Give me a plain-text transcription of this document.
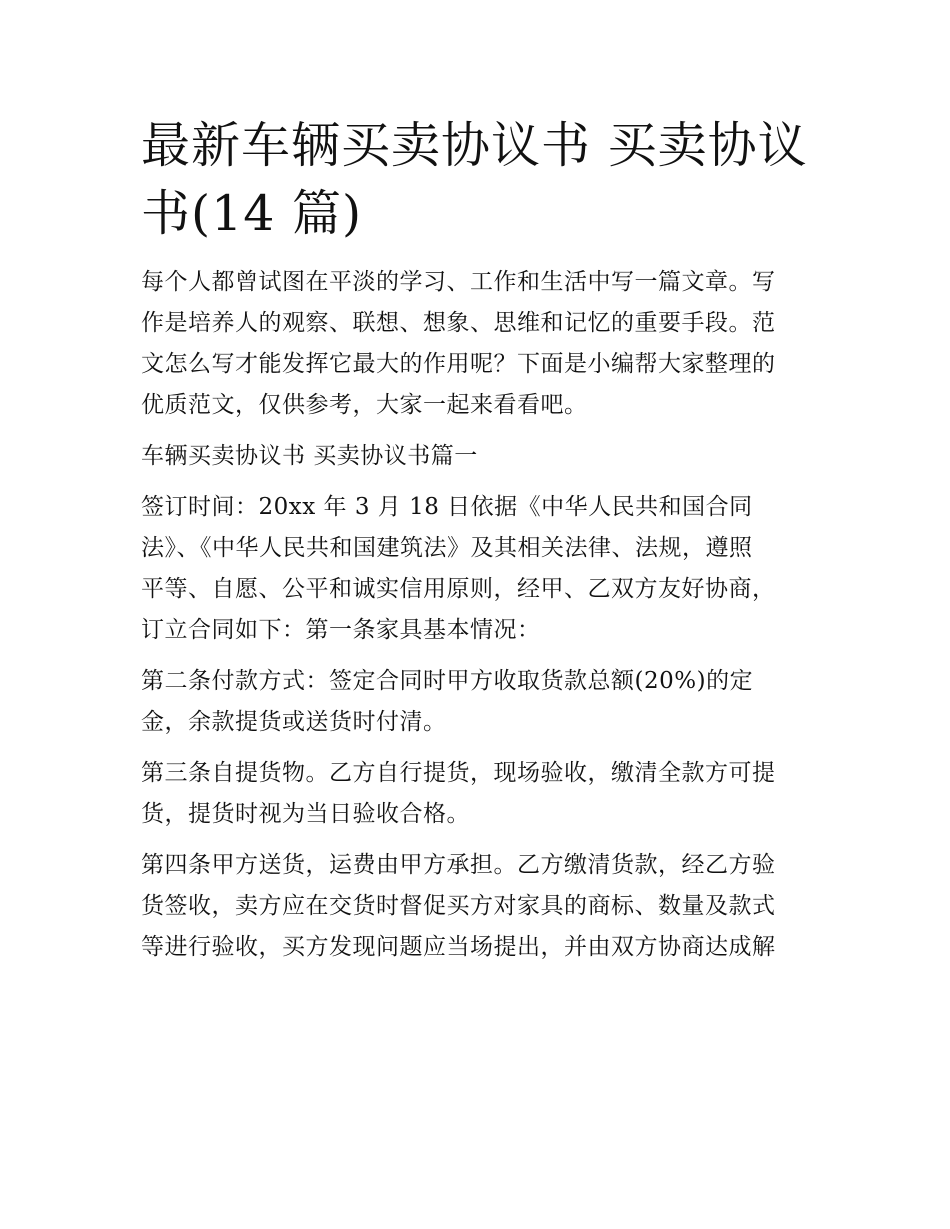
最新车辆买卖协议书 买卖协议
书(14 篇)

每个人都曾试图在平淡的学习、工作和生活中写一篇文章。写
作是培养人的观察、联想、想象、思维和记忆的重要手段。范
文怎么写才能发挥它最大的作用呢？下面是小编帮大家整理的
优质范文，仅供参考，大家一起来看看吧。

车辆买卖协议书 买卖协议书篇一

签订时间：20xx 年 3 月 18 日依据《中华人民共和国合同
法》、《中华人民共和国建筑法》及其相关法律、法规，遵照
平等、自愿、公平和诚实信用原则，经甲、乙双方友好协商，
订立合同如下：第一条家具基本情况：

第二条付款方式：签定合同时甲方收取货款总额(20%)的定
金，余款提货或送货时付清。

第三条自提货物。乙方自行提货，现场验收，缴清全款方可提
货，提货时视为当日验收合格。

第四条甲方送货，运费由甲方承担。乙方缴清货款，经乙方验
货签收，卖方应在交货时督促买方对家具的商标、数量及款式
等进行验收，买方发现问题应当场提出，并由双方协商达成解
